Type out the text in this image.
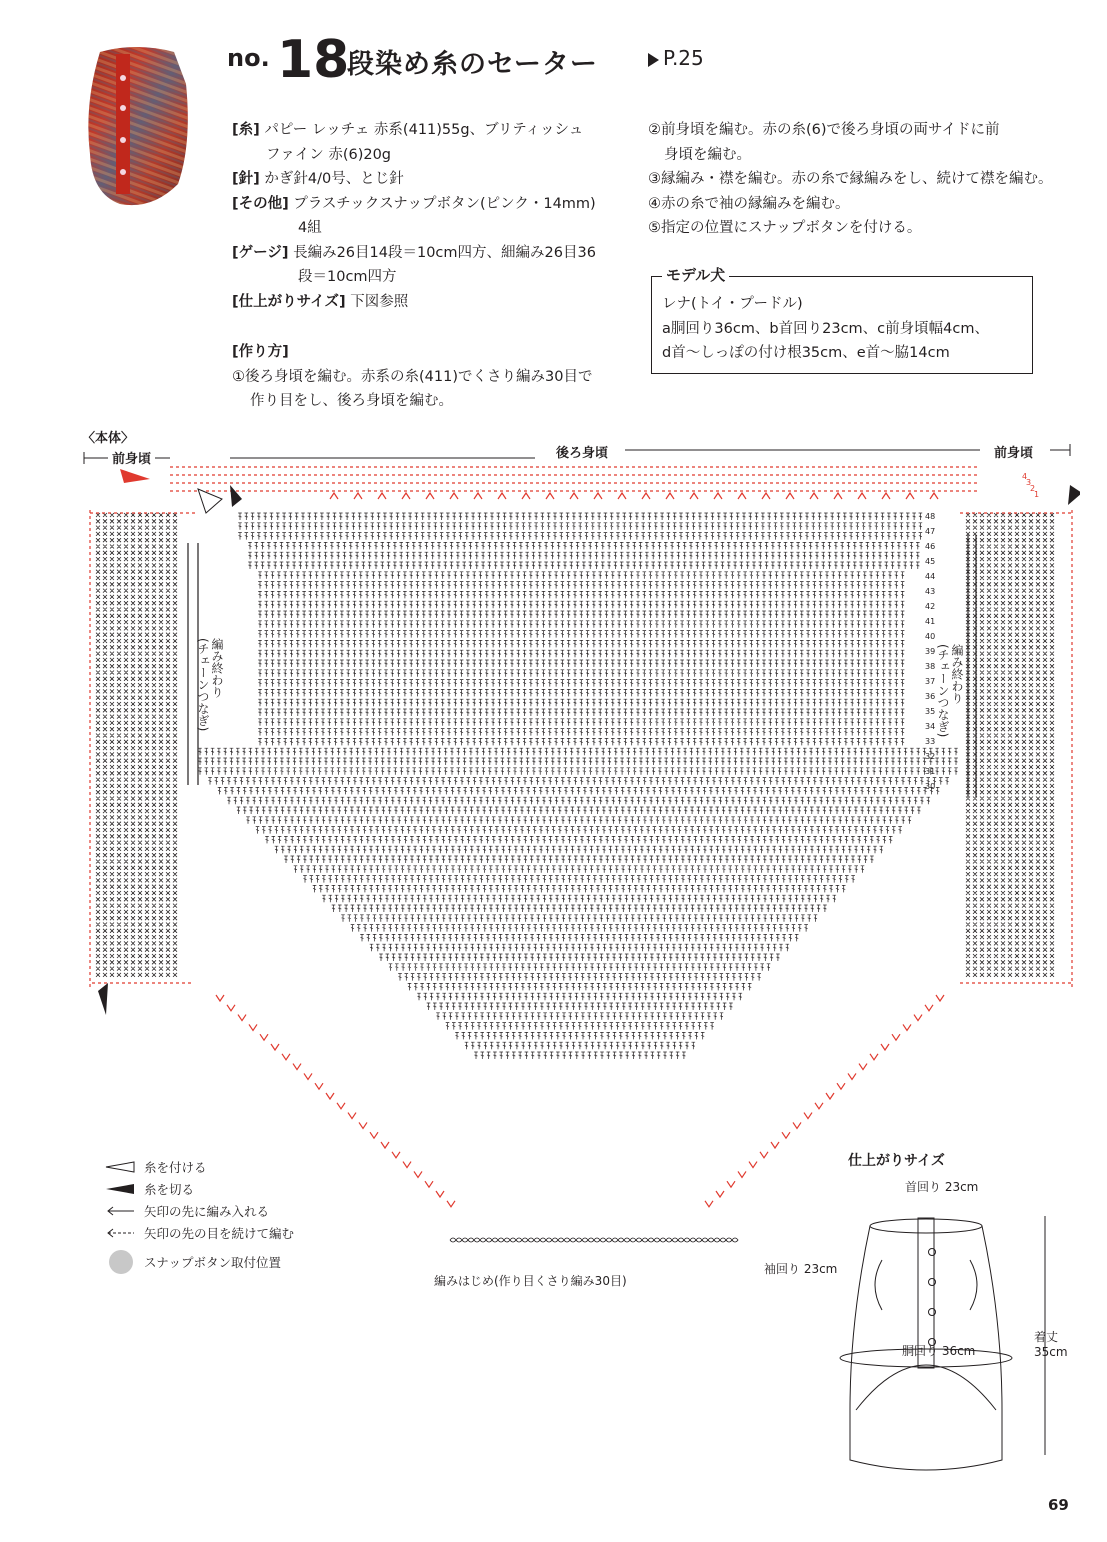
no. 18
段染め糸のセーター	P.25
[糸] パピー レッチェ 赤系(411)55g、ブリティッシュ
ファイン 赤(6)20g
[針] かぎ針4/0号、とじ針
[その他] プラスチックスナップボタン(ピンク・14mm)
4組
[ゲージ] 長編み26目14段＝10cm四方、細編み26目36
段＝10cm四方
[仕上がりサイズ] 下図参照
[作り方]
①後ろ身頃を編む。赤系の糸(411)でくさり編み30目で
作り目をし、後ろ身頃を編む。
②前身頃を編む。赤の糸(6)で後ろ身頃の両サイドに前
身頃を編む。
③縁編み・襟を編む。赤の糸で縁編みをし、続けて襟を編む。
④赤の糸で袖の縁編みを編む。
⑤指定の位置にスナップボタンを付ける。
モデル犬
レナ(トイ・プードル)
a胴回り36cm、b首回り23cm、c前身頃幅4cm、
d首～しっぽの付け根35cm、e首～脇14cm
〈本体〉
前身頃	後ろ身頃	前身頃
48
47
46
45
44
43
42
41
40
39
38
37
36
35
34
33
32
31
30
4
3
2
1
編み終わり
(チェーンつなぎ)	編み終わり
(チェーンつなぎ)
編みはじめ(作り目くさり編み30目)
糸を付ける
糸を切る
矢印の先に編み入れる
矢印の先の目を続けて編む
スナップボタン取付位置
仕上がりサイズ
首回り 23cm
袖回り 23cm
胴回り 36cm
着丈
35cm
69
